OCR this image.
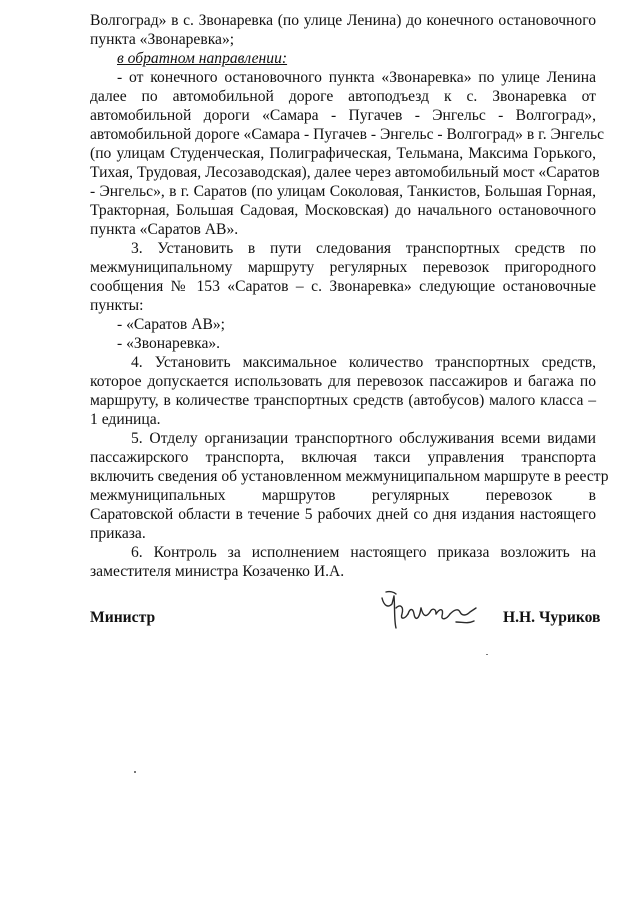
Волгоград» в с. Звонаревка (по улице Ленина) до конечного остановочного
пункта «Звонаревка»;
в обратном направлении:
- от конечного остановочного пункта «Звонаревка» по улице Ленина
далее по автомобильной дороге автоподъезд к с. Звонаревка от
автомобильной дороги «Самара - Пугачев - Энгельс - Волгоград»,
автомобильной дороге «Самара - Пугачев - Энгельс - Волгоград» в г. Энгельс
(по улицам Студенческая, Полиграфическая, Тельмана, Максима Горького,
Тихая, Трудовая, Лесозаводская), далее через автомобильный мост «Саратов
- Энгельс», в г. Саратов (по улицам Соколовая, Танкистов, Большая Горная,
Тракторная, Большая Садовая, Московская) до начального остановочного
пункта «Саратов АВ».
3. Установить в пути следования транспортных средств по
межмуниципальному маршруту регулярных перевозок пригородного
сообщения № 153 «Саратов – с. Звонаревка» следующие остановочные
пункты:
- «Саратов АВ»;
- «Звонаревка».
4. Установить максимальное количество транспортных средств,
которое допускается использовать для перевозок пассажиров и багажа по
маршруту, в количестве транспортных средств (автобусов) малого класса –
1 единица.
5. Отделу организации транспортного обслуживания всеми видами
пассажирского транспорта, включая такси управления транспорта
включить сведения об установленном межмуниципальном маршруте в реестр
межмуниципальных маршрутов регулярных перевозок в
Саратовской области в течение 5 рабочих дней со дня издания настоящего
приказа.
6. Контроль за исполнением настоящего приказа возложить на
заместителя министра Козаченко И.А.
Министр	Н.Н. Чуриков
